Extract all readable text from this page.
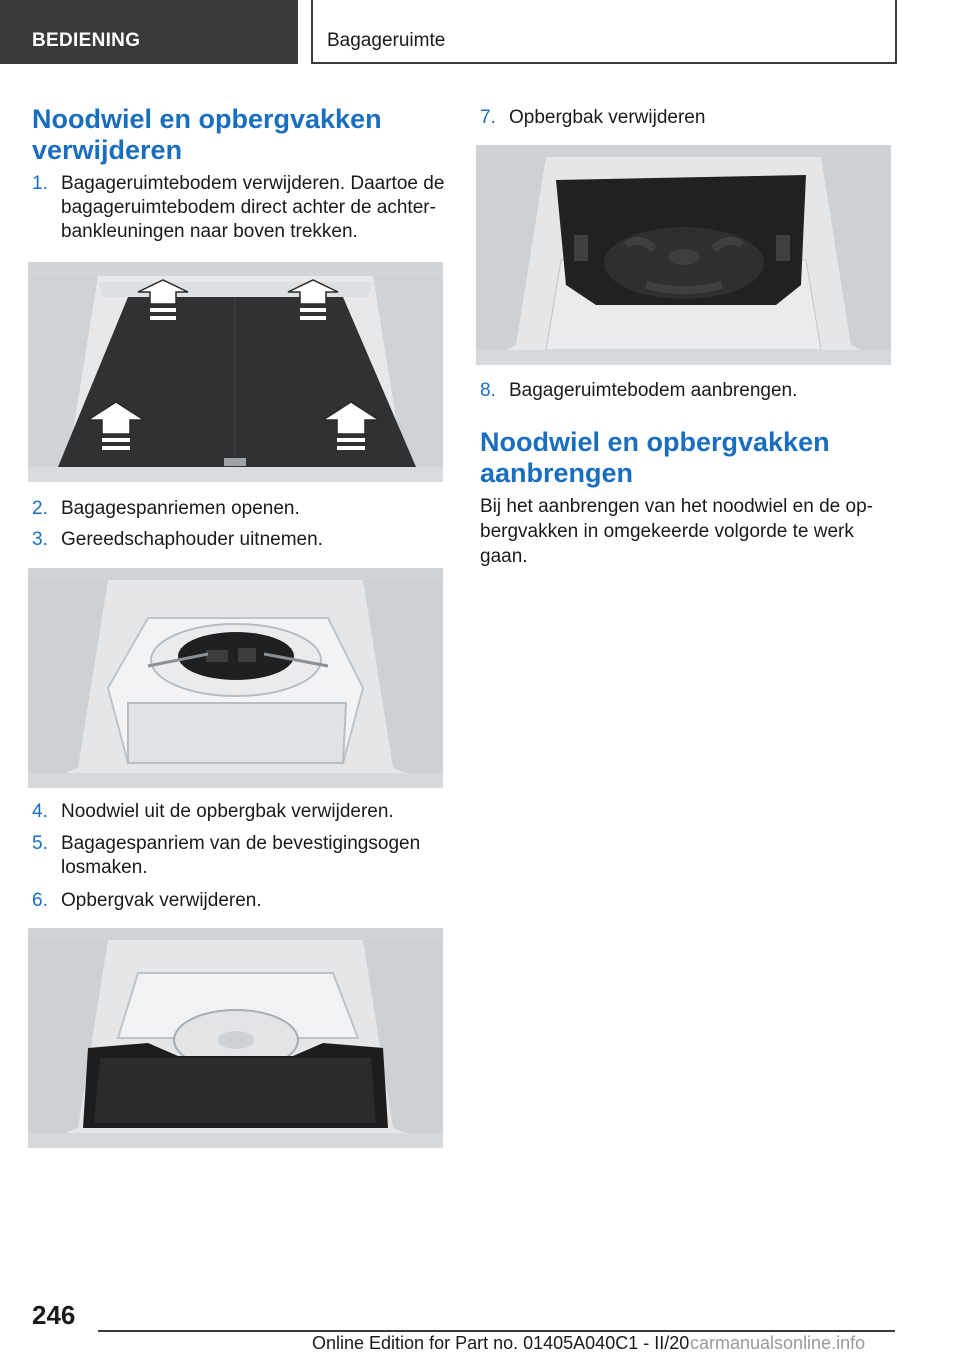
BEDIENING	Bagageruimte
Noodwiel en opbergvakken verwijderen
1. Bagageruimtebodem verwijderen. Daartoe de bagageruimtebodem direct achter de achterbankleuningen naar boven trekken.
2. Bagagespanriemen openen.
3. Gereedschaphouder uitnemen.
4. Noodwiel uit de opbergbak verwijderen.
5. Bagagespanriem van de bevestigingsogen losmaken.
6. Opbergvak verwijderen.
7. Opbergbak verwijderen
8. Bagageruimtebodem aanbrengen.
Noodwiel en opbergvakken aanbrengen
Bij het aanbrengen van het noodwiel en de opbergvakken in omgekeerde volgorde te werk gaan.
246
Online Edition for Part no. 01405A040C1 - II/20 carmanualsonline.info
